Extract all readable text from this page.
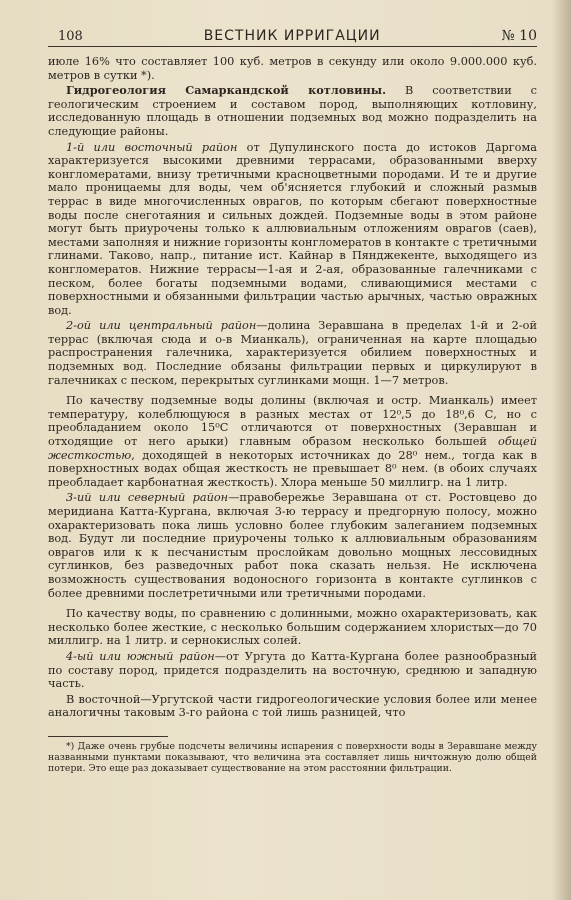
108	ВЕСТНИК ИРРИГАЦИИ	№ 10

июле 16% что составляет 100 куб. метров в секунду или около 9.000.000 куб. метров в сутки *).

Гидрогеология Самаркандской котловины. В соответствии с геологическим строением и составом пород, выполняющих котловину, исследованную площадь в отношении подземных вод можно подразделить на следующие районы.

1-й или восточный район от Дупулинского поста до истоков Даргома характеризуется высокими древними террасами, образованными вверху конгломератами, внизу третичными красноцветными породами. И те и другие мало проницаемы для воды, чем об'ясняется глубокий и сложный размыв террас в виде многочисленных оврагов, по которым сбегают поверхностные воды после снеготаяния и сильных дождей. Подземные воды в этом районе могут быть приурочены только к аллювиальным отложениям оврагов (саев), местами заполняя и нижние горизонты конгломератов в контакте с третичными глинами. Таково, напр., питание ист. Кайнар в Пянджекенте, выходящего из конгломератов. Нижние террасы—1-ая и 2-ая, образованные галечниками с песком, более богаты подземными водами, сливающимися местами с поверхностными и обязанными фильтрации частью арычных, частью овражных вод.

2-ой или центральный район—долина Зеравшана в пределах 1-й и 2-ой террас (включая сюда и о-в Мианкаль), ограниченная на карте площадью распространения галечника, характеризуется обилием поверхностных и подземных вод. Последние обязаны фильтрации первых и циркулируют в галечниках с песком, перекрытых суглинками мощн. 1—7 метров.

По качеству подземные воды долины (включая и остр. Мианкаль) имеет температуру, колеблющуюся в разных местах от 12⁰,5 до 18⁰,6 С, но с преобладанием около 15⁰С отличаются от поверхностных (Зеравшан и отходящие от него арыки) главным образом несколько большей общей жесткостью, доходящей в некоторых источниках до 28⁰ нем., тогда как в поверхностных водах общая жесткость не превышает 8⁰ нем. (в обоих случаях преобладает карбонатная жесткость). Хлора меньше 50 миллигр. на 1 литр.

3-ий или северный район—правобережье Зеравшана от ст. Ростовцево до меридиана Катта-Кургана, включая 3-ю террасу и предгорную полосу, можно охарактеризовать пока лишь условно более глубоким залеганием подземных вод. Будут ли последние приурочены только к аллювиальным образованиям оврагов или к к песчанистым прослойкам довольно мощных лессовидных суглинков, без разведочных работ пока сказать нельзя. Не исключена возможность существования водоносного горизонта в контакте суглинков с более древними послетретичными или третичными породами.

По качеству воды, по сравнению с долинными, можно охарактеризовать, как несколько более жесткие, с несколько большим содержанием хлористых—до 70 миллигр. на 1 литр. и сернокислых солей.

4-ый или южный район—от Ургута до Катта-Кургана более разнообразный по составу пород, придется подразделить на восточную, среднюю и западную часть.

В восточной—Ургутской части гидрогеологические условия более или менее аналогичны таковым 3-го района с той лишь разницей, что

*) Даже очень грубые подсчеты величины испарения с поверхности воды в Зеравшане между названными пунктами показывают, что величина эта составляет лишь ничтожную долю общей потери. Это еще раз доказывает существование на этом расстоянии фильтрации.
